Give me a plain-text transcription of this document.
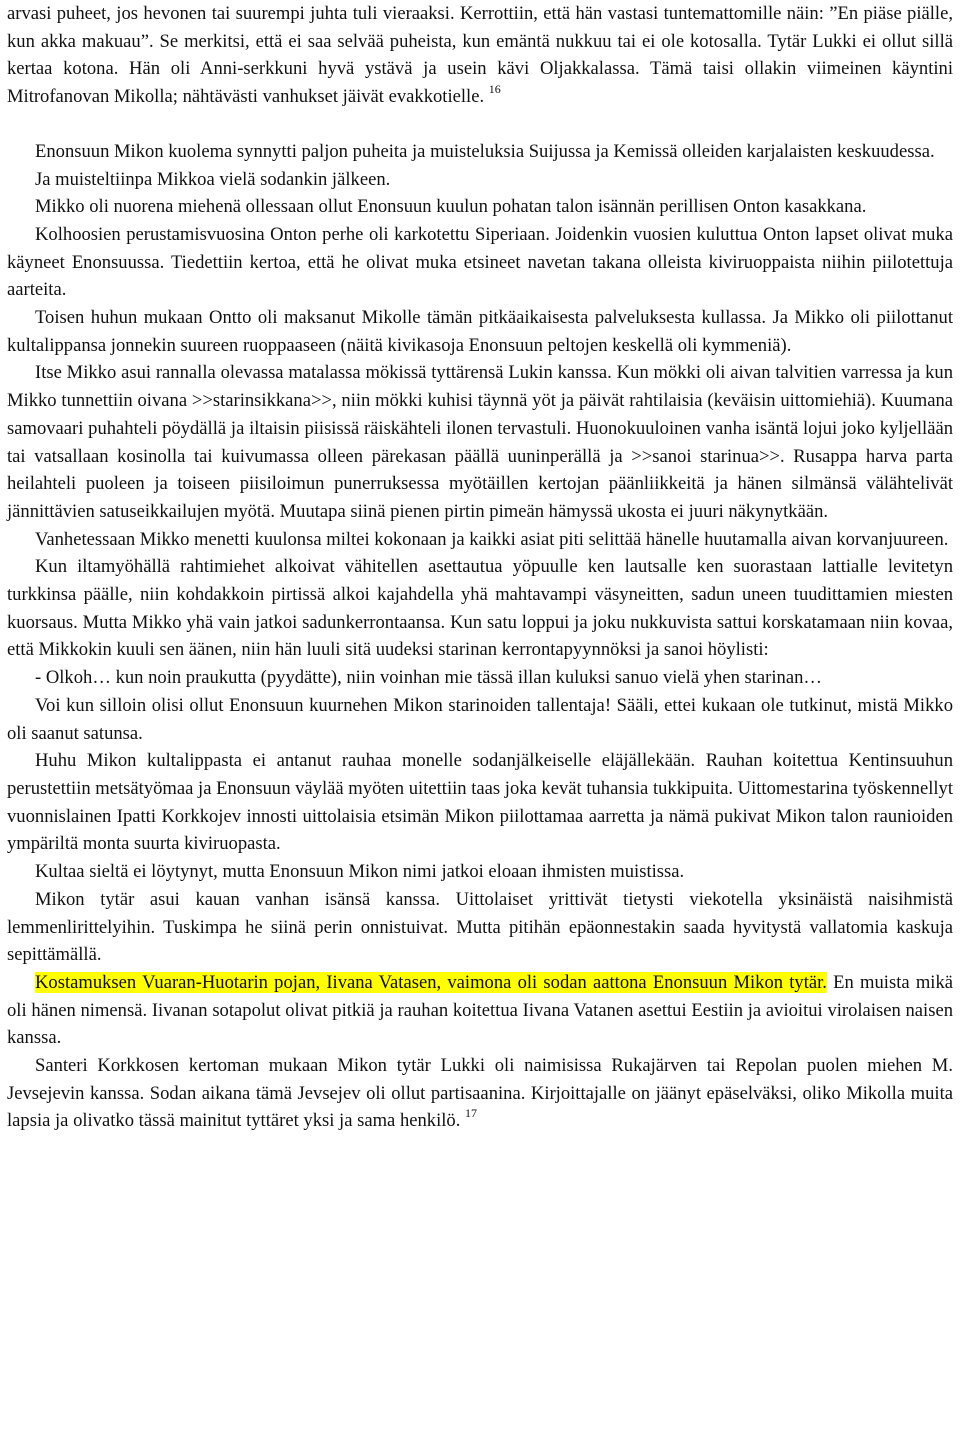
arvasi puheet, jos hevonen tai suurempi juhta tuli vieraaksi. Kerrottiin, että hän vastasi tuntemattomille näin: ”En piäse piälle, kun akka makuau”. Se merkitsi, että ei saa selvää puheista, kun emäntä nukkuu tai ei ole kotosalla. Tytär Lukki ei ollut sillä kertaa kotona. Hän oli Anni-serkkuni hyvä ystävä ja usein kävi Oljakkalassa. Tämä taisi ollakin viimeinen käyntini Mitrofanovan Mikolla; nähtävästi vanhukset jäivät evakkotielle. $^{16}$

Enonsuun Mikon kuolema synnytti paljon puheita ja muisteluksia Suijussa ja Kemissä olleiden karjalaisten keskuudessa.

Ja muisteltiinpa Mikkoa vielä sodankin jälkeen.

Mikko oli nuorena miehenä ollessaan ollut Enonsuun kuulun pohatan talon isännän perillisen Onton kasakkana.

Kolhoosien perustamisvuosina Onton perhe oli karkotettu Siperiaan. Joidenkin vuosien kuluttua Onton lapset olivat muka käyneet Enonsuussa. Tiedettiin kertoa, että he olivat muka etsineet navetan takana olleista kiviruoppaista niihin piilotettuja aarteita.

Toisen huhun mukaan Ontto oli maksanut Mikolle tämän pitkäaikaisesta palveluksesta kullassa. Ja Mikko oli piilottanut kultalippansa jonnekin suureen ruoppaaseen (näitä kivikasoja Enonsuun peltojen keskellä oli kymmeniä).

Itse Mikko asui rannalla olevassa matalassa mökissä tyttärensä Lukin kanssa. Kun mökki oli aivan talvitien varressa ja kun Mikko tunnettiin oivana >>starinsikkana>>, niin mökki kuhisi täynnä yöt ja päivät rahtilaisia (keväisin uittomiehiä). Kuumana samovaari puhahteli pöydällä ja iltaisin piisissä räiskähteli ilonen tervastuli. Huonokuuloinen vanha isäntä lojui joko kyljellään tai vatsallaan kosinolla tai kuivumassa olleen pärekasan päällä uuninperällä ja >>sanoi starinua>>. Rusappa harva parta heilahteli puoleen ja toiseen piisiloimun punerruksessa myötäillen kertojan päänliikkeitä ja hänen silmänsä välähtelivät jännittävien satuseikkailujen myötä. Muutapa siinä pienen pirtin pimeän hämyssä ukosta ei juuri näkynytkään.

Vanhetessaan Mikko menetti kuulonsa miltei kokonaan ja kaikki asiat piti selittää hänelle huutamalla aivan korvanjuureen.

Kun iltamyöhällä rahtimiehet alkoivat vähitellen asettautua yöpuulle ken lautsalle ken suorastaan lattialle levitetyn turkkinsa päälle, niin kohdakkoin pirtissä alkoi kajahdella yhä mahtavampi väsyneitten, sadun uneen tuudittamien miesten kuorsaus. Mutta Mikko yhä vain jatkoi sadunkerrontaansa. Kun satu loppui ja joku nukkuvista sattui korskatamaan niin kovaa, että Mikkokin kuuli sen äänen, niin hän luuli sitä uudeksi starinan kerrontapyynnöksi ja sanoi höylisti:

- Olkoh… kun noin praukutta (pyydätte), niin voinhan mie tässä illan kuluksi sanuo vielä yhen starinan…

Voi kun silloin olisi ollut Enonsuun kuurnehen Mikon starinoiden tallentaja! Sääli, ettei kukaan ole tutkinut, mistä Mikko oli saanut satunsa.

Huhu Mikon kultalippasta ei antanut rauhaa monelle sodanjälkeiselle eläjällekään. Rauhan koitettua Kentinsuuhun perustettiin metsätyömaa ja Enonsuun väylää myöten uitettiin taas joka kevät tuhansia tukkipuita. Uittomestarina työskennellyt vuonnislainen Ipatti Korkkojev innosti uittolaisia etsimän Mikon piilottamaa aarretta ja nämä pukivat Mikon talon raunioiden ympäriltä monta suurta kiviruopasta.

Kultaa sieltä ei löytynyt, mutta Enonsuun Mikon nimi jatkoi eloaan ihmisten muistissa.

Mikon tytär asui kauan vanhan isänsä kanssa. Uittolaiset yrittivät tietysti viekotella yksinäistä naisihmistä lemmenlirittelyihin. Tuskimpa he siinä perin onnistuivat. Mutta pitihän epäonnestakin saada hyvitystä vallatomia kaskuja sepittämällä.

Kostamuksen Vuaran-Huotarin pojan, Iivana Vatasen, vaimona oli sodan aattona Enonsuun Mikon tytär. En muista mikä oli hänen nimensä. Iivanan sotapolut olivat pitkiä ja rauhan koitettua Iivana Vatanen asettui Eestiin ja avioitui virolaisen naisen kanssa.

Santeri Korkkosen kertoman mukaan Mikon tytär Lukki oli naimisissa Rukajärven tai Repolan puolen miehen M. Jevsejevin kanssa. Sodan aikana tämä Jevsejev oli ollut partisaanina. Kirjoittajalle on jäänyt epäselväksi, oliko Mikolla muita lapsia ja olivatko tässä mainitut tyttäret yksi ja sama henkilö. $^{17}$
